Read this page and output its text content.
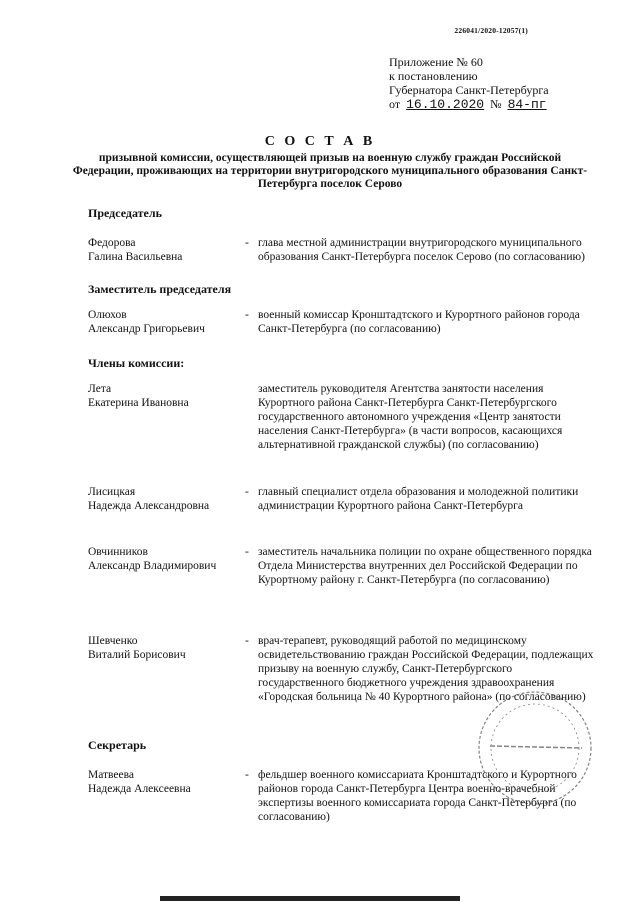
226041/2020-12057(1)
Приложение № 60
к постановлению
Губернатора Санкт-Петербурга
от 16.10.2020 № 84-пг
С О С Т А В
призывной комиссии, осуществляющей призыв на военную службу граждан Российской Федерации, проживающих на территории внутригородского муниципального образования Санкт-Петербурга поселок Серово
Председатель
Федорова
Галина Васильевна
- глава местной администрации внутригородского муниципального образования Санкт-Петербурга поселок Серово (по согласованию)
Заместитель председателя
Олюхов
Александр Григорьевич
- военный комиссар Кронштадтского и Курортного районов города Санкт-Петербурга (по согласованию)
Члены комиссии:
Лета
Екатерина Ивановна
заместитель руководителя Агентства занятости населения Курортного района Санкт-Петербурга Санкт-Петербургского государственного автономного учреждения «Центр занятости населения Санкт-Петербурга» (в части вопросов, касающихся альтернативной гражданской службы) (по согласованию)
Лисицкая
Надежда Александровна
- главный специалист отдела образования и молодежной политики администрации Курортного района Санкт-Петербурга
Овчинников
Александр Владимирович
- заместитель начальника полиции по охране общественного порядка Отдела Министерства внутренних дел Российской Федерации по Курортному району г. Санкт-Петербурга (по согласованию)
Шевченко
Виталий Борисович
- врач-терапевт, руководящий работой по медицинскому освидетельствованию граждан Российской Федерации, подлежащих призыву на военную службу, Санкт-Петербургского государственного бюджетного учреждения здравоохранения «Городская больница № 40 Курортного района» (по согласованию)
Секретарь
Матвеева
Надежда Алексеевна
- фельдшер военного комиссариата Кронштадтского и Курортного районов города Санкт-Петербурга Центра военно-врачебной экспертизы военного комиссариата города Санкт-Петербурга (по согласованию)
